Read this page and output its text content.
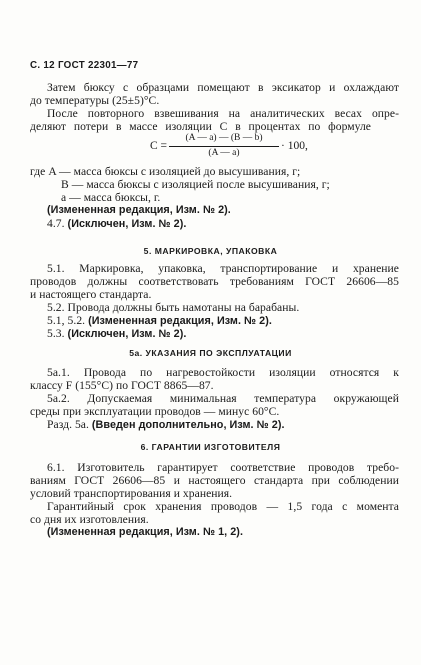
С. 12 ГОСТ 22301—77
Затем бюксу с образцами помещают в эксикатор и охлаждают
до температуры (25±5)°С.
После повторного взвешивания на аналитических весах опре-
деляют потери в массе изоляции С в процентах по формуле
С =
(A — a) — (B — b)
(A — a)
· 100,
где A — масса бюксы с изоляцией до высушивания, г;
B — масса бюксы с изоляцией после высушивания, г;
a — масса бюксы, г.
(Измененная редакция, Изм. № 2).
4.7. (Исключен, Изм. № 2).
5. МАРКИРОВКА, УПАКОВКА
5.1. Маркировка, упаковка, транспортирование и хранение
проводов должны соответствовать требованиям ГОСТ 26606—85
и настоящего стандарта.
5.2. Провода должны быть намотаны на барабаны.
5.1, 5.2. (Измененная редакция, Изм. № 2).
5.3. (Исключен, Изм. № 2).
5а. УКАЗАНИЯ ПО ЭКСПЛУАТАЦИИ
5а.1. Провода по нагревостойкости изоляции относятся к
классу F (155°С) по ГОСТ 8865—87.
5а.2. Допускаемая минимальная температура окружающей
среды при эксплуатации проводов — минус 60°С.
Разд. 5а. (Введен дополнительно, Изм. № 2).
6. ГАРАНТИИ ИЗГОТОВИТЕЛЯ
6.1. Изготовитель гарантирует соответствие проводов требо-
ваниям ГОСТ 26606—85 и настоящего стандарта при соблюдении
условий транспортирования и хранения.
Гарантийный срок хранения проводов — 1,5 года с момента
со дня их изготовления.
(Измененная редакция, Изм. № 1, 2).
